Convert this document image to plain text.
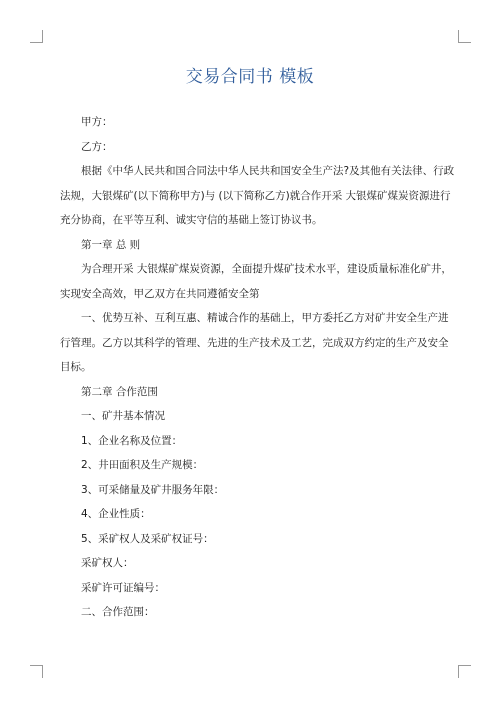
交易合同书 模板

甲方：

乙方：

根据《中华人民共和国合同法中华人民共和国安全生产法?及其他有关法律、行政
法规，大银煤矿(以下简称甲方)与 (以下简称乙方)就合作开采 大银煤矿煤炭资源进行
充分协商，在平等互利、诚实守信的基础上签订协议书。

第一章 总 则

为合理开采 大银煤矿煤炭资源，全面提升煤矿技术水平，建设质量标准化矿井，
实现安全高效，甲乙双方在共同遵循安全第

一、优势互补、互利互惠、精诚合作的基础上，甲方委托乙方对矿井安全生产进
行管理。乙方以其科学的管理、先进的生产技术及工艺，完成双方约定的生产及安全
目标。

第二章 合作范围

一、矿井基本情况

1、企业名称及位置：

2、井田面积及生产规模：

3、可采储量及矿井服务年限：

4、企业性质：

5、采矿权人及采矿权证号：

采矿权人：

采矿许可证编号：

二、合作范围：
